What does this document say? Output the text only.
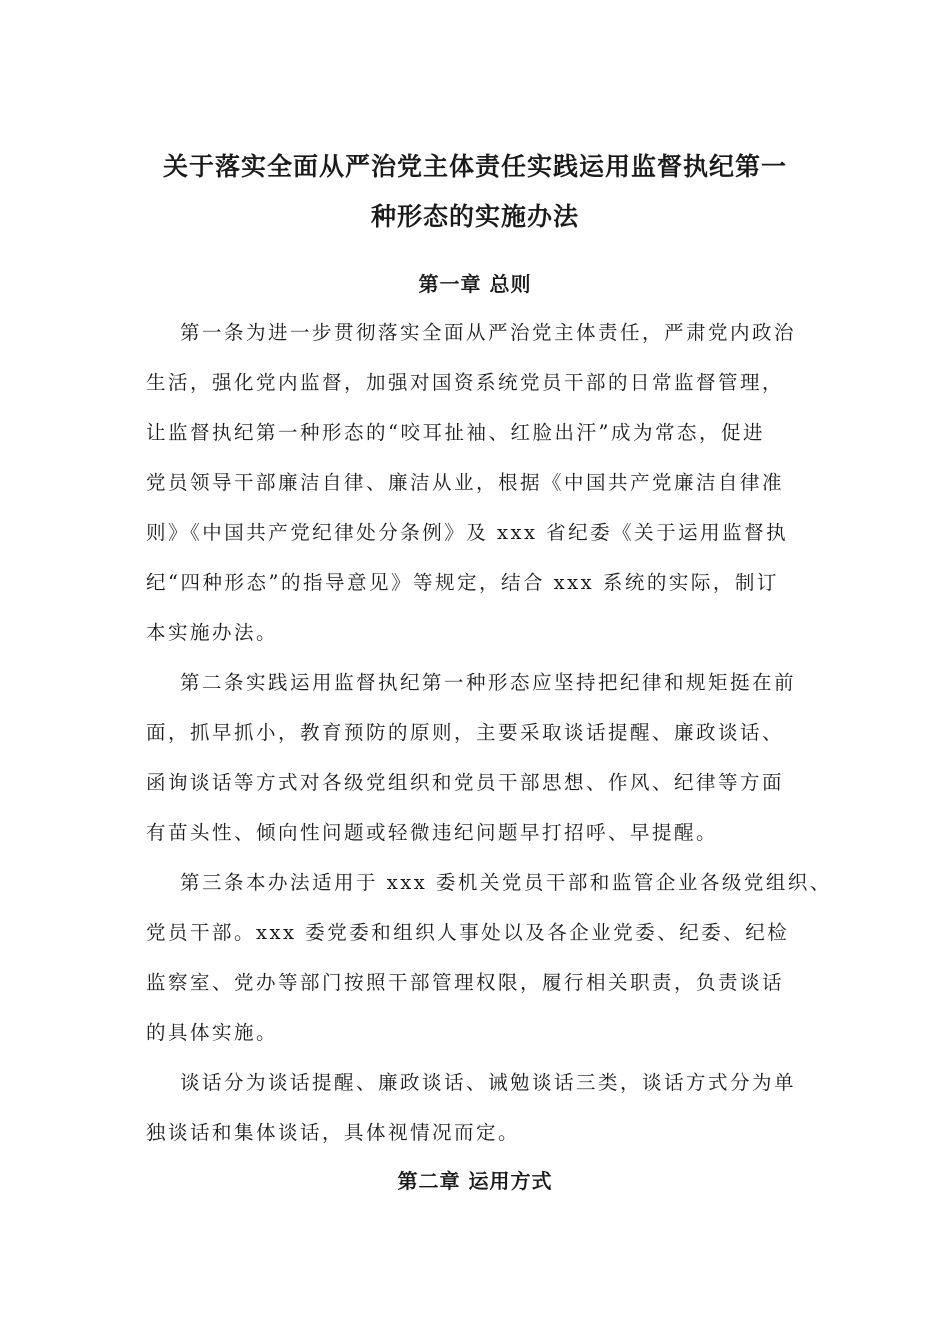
关于落实全面从严治党主体责任实践运用监督执纪第一
种形态的实施办法
第一章 总则
第一条为进一步贯彻落实全面从严治党主体责任，严肃党内政治
生活，强化党内监督，加强对国资系统党员干部的日常监督管理，
让监督执纪第一种形态的“咬耳扯袖、红脸出汗”成为常态，促进
党员领导干部廉洁自律、廉洁从业，根据《中国共产党廉洁自律准
则》《中国共产党纪律处分条例》及 xxx 省纪委《关于运用监督执
纪“四种形态”的指导意见》等规定，结合 xxx 系统的实际，制订
本实施办法。
第二条实践运用监督执纪第一种形态应坚持把纪律和规矩挺在前
面，抓早抓小，教育预防的原则，主要采取谈话提醒、廉政谈话、
函询谈话等方式对各级党组织和党员干部思想、作风、纪律等方面
有苗头性、倾向性问题或轻微违纪问题早打招呼、早提醒。
第三条本办法适用于 xxx 委机关党员干部和监管企业各级党组织、
党员干部。xxx 委党委和组织人事处以及各企业党委、纪委、纪检
监察室、党办等部门按照干部管理权限，履行相关职责，负责谈话
的具体实施。
谈话分为谈话提醒、廉政谈话、诫勉谈话三类，谈话方式分为单
独谈话和集体谈话，具体视情况而定。
第二章 运用方式
